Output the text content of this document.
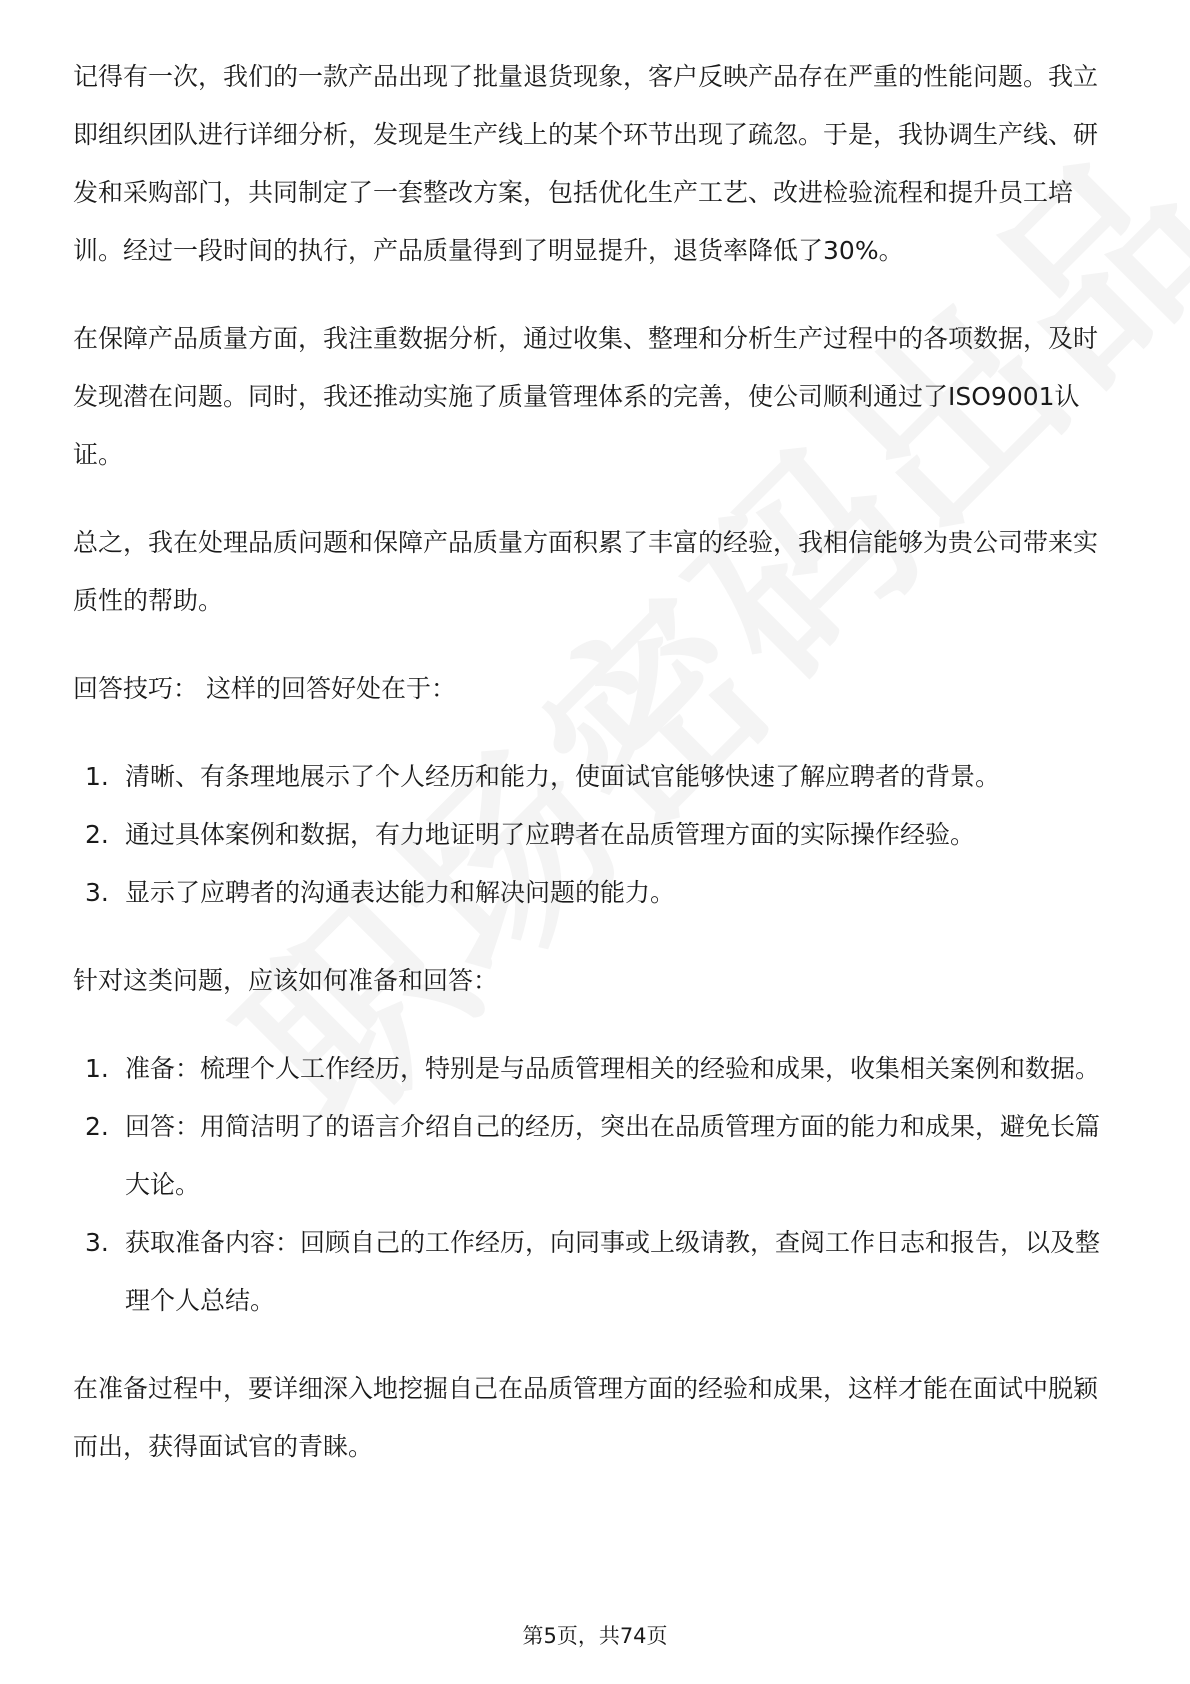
记得有一次，我们的一款产品出现了批量退货现象，客户反映产品存在严重的性能问题。我立即组织团队进行详细分析，发现是生产线上的某个环节出现了疏忽。于是，我协调生产线、研发和采购部门，共同制定了一套整改方案，包括优化生产工艺、改进检验流程和提升员工培训。经过一段时间的执行，产品质量得到了明显提升，退货率降低了30%。

在保障产品质量方面，我注重数据分析，通过收集、整理和分析生产过程中的各项数据，及时发现潜在问题。同时，我还推动实施了质量管理体系的完善，使公司顺利通过了ISO9001认证。

总之，我在处理品质问题和保障产品质量方面积累了丰富的经验，我相信能够为贵公司带来实质性的帮助。

回答技巧： 这样的回答好处在于：

1. 清晰、有条理地展示了个人经历和能力，使面试官能够快速了解应聘者的背景。
2. 通过具体案例和数据，有力地证明了应聘者在品质管理方面的实际操作经验。
3. 显示了应聘者的沟通表达能力和解决问题的能力。

针对这类问题，应该如何准备和回答：

1. 准备：梳理个人工作经历，特别是与品质管理相关的经验和成果，收集相关案例和数据。
2. 回答：用简洁明了的语言介绍自己的经历，突出在品质管理方面的能力和成果，避免长篇大论。
3. 获取准备内容：回顾自己的工作经历，向同事或上级请教，查阅工作日志和报告，以及整理个人总结。

在准备过程中，要详细深入地挖掘自己在品质管理方面的经验和成果，这样才能在面试中脱颖而出，获得面试官的青睐。

第5页，共74页
